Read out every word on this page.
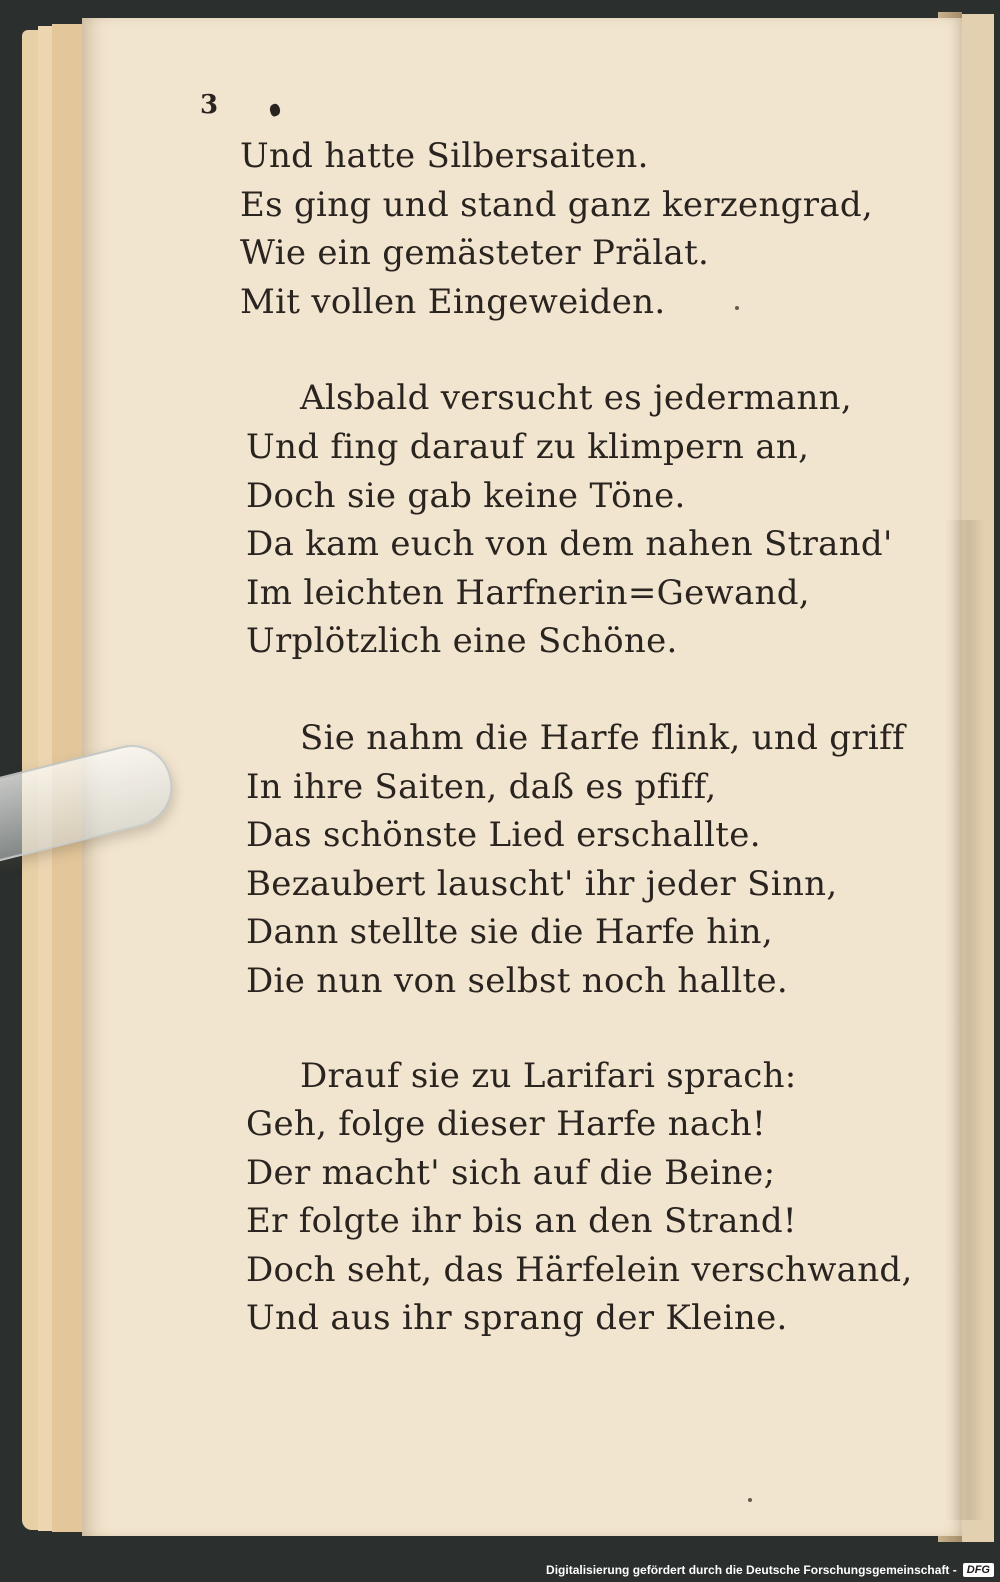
3
Und hatte Silbersaiten.
Es ging und stand ganz kerzengrad,
Wie ein gemästeter Prälat.
Mit vollen Eingeweiden.
Alsbald versucht es jedermann,
Und fing darauf zu klimpern an,
Doch sie gab keine Töne.
Da kam euch von dem nahen Strand'
Im leichten Harfnerin=Gewand,
Urplötzlich eine Schöne.
Sie nahm die Harfe flink, und griff
In ihre Saiten, daß es pfiff,
Das schönste Lied erschallte.
Bezaubert lauscht' ihr jeder Sinn,
Dann stellte sie die Harfe hin,
Die nun von selbst noch hallte.
Drauf sie zu Larifari sprach:
Geh, folge dieser Harfe nach!
Der macht' sich auf die Beine;
Er folgte ihr bis an den Strand!
Doch seht, das Härfelein verschwand,
Und aus ihr sprang der Kleine.
Digitalisierung gefördert durch die Deutsche Forschungsgemeinschaft - DFG
